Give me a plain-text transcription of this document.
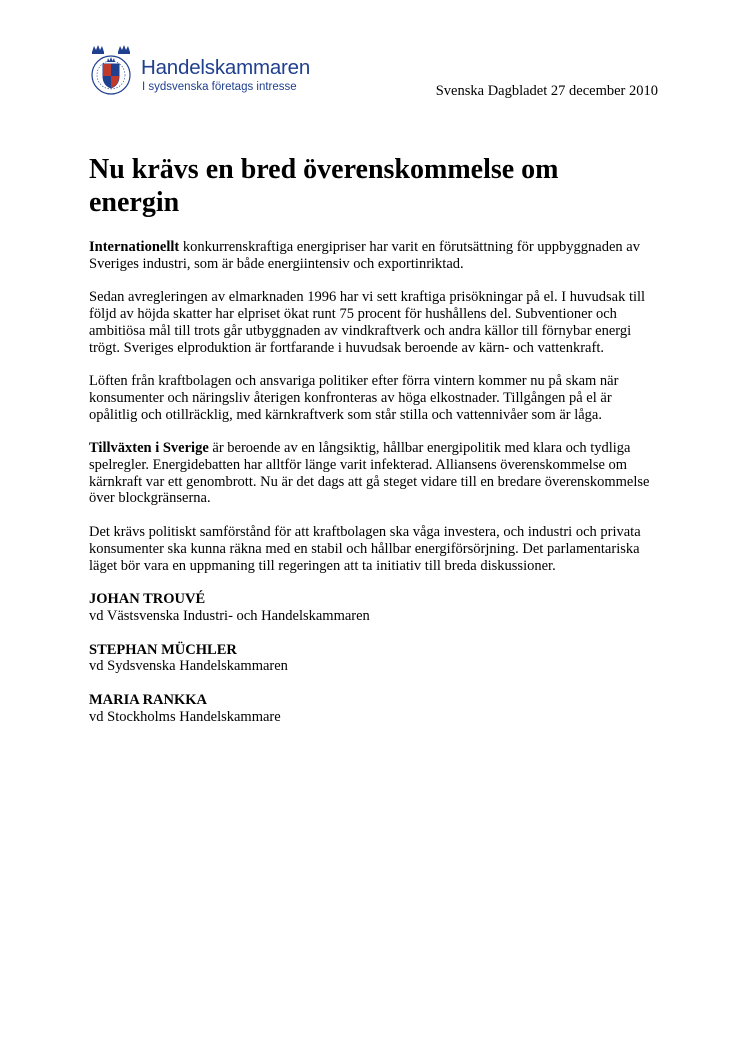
Handelskammaren
I sydsvenska företags intresse	Svenska Dagbladet 27 december 2010
Nu krävs en bred överenskommelse om energin

Internationellt konkurrenskraftiga energipriser har varit en förutsättning för uppbyggnaden av Sveriges industri, som är både energiintensiv och exportinriktad.

Sedan avregleringen av elmarknaden 1996 har vi sett kraftiga prisökningar på el. I huvudsak till följd av höjda skatter har elpriset ökat runt 75 procent för hushållens del. Subventioner och ambitiösa mål till trots går utbyggnaden av vindkraftverk och andra källor till förnybar energi trögt. Sveriges elproduktion är fortfarande i huvudsak beroende av kärn- och vattenkraft.

Löften från kraftbolagen och ansvariga politiker efter förra vintern kommer nu på skam när konsumenter och näringsliv återigen konfronteras av höga elkostnader. Tillgången på el är opålitlig och otillräcklig, med kärnkraftverk som står stilla och vattennivåer som är låga.

Tillväxten i Sverige är beroende av en långsiktig, hållbar energipolitik med klara och tydliga spelregler. Energidebatten har alltför länge varit infekterad. Alliansens överenskommelse om kärnkraft var ett genombrott. Nu är det dags att gå steget vidare till en bredare överenskommelse över blockgränserna.

Det krävs politiskt samförstånd för att kraftbolagen ska våga investera, och industri och privata konsumenter ska kunna räkna med en stabil och hållbar energiförsörjning. Det parlamentariska läget bör vara en uppmaning till regeringen att ta initiativ till breda diskussioner.

JOHAN TROUVÉ
vd Västsvenska Industri- och Handelskammaren
STEPHAN MÜCHLER
vd Sydsvenska Handelskammaren
MARIA RANKKA
vd Stockholms Handelskammare
